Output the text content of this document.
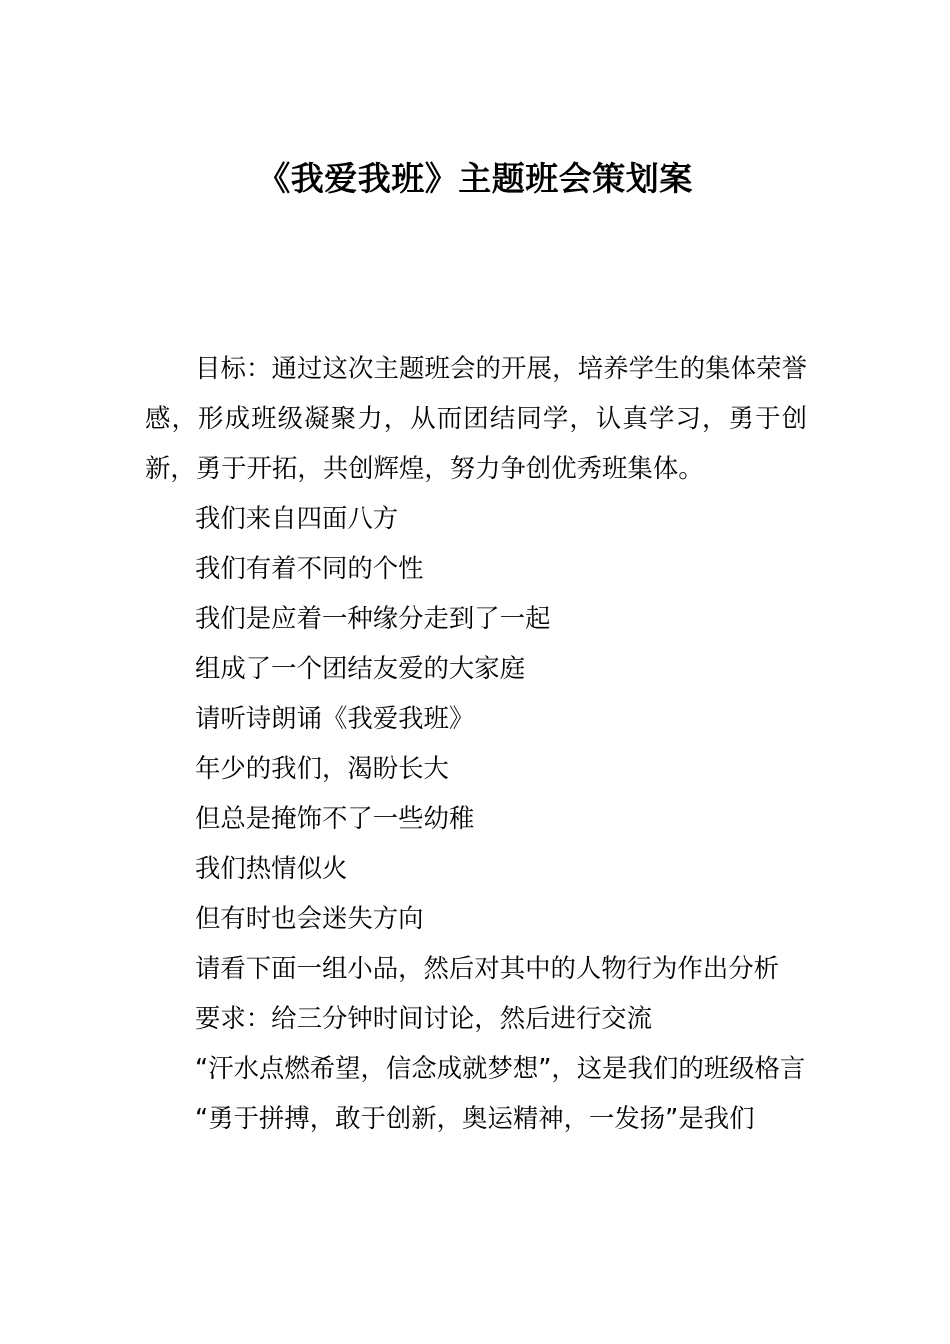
《我爱我班》主题班会策划案

目标：通过这次主题班会的开展，培养学生的集体荣誉感，形成班级凝聚力，从而团结同学，认真学习，勇于创新，勇于开拓，共创辉煌，努力争创优秀班集体。

我们来自四面八方

我们有着不同的个性

我们是应着一种缘分走到了一起

组成了一个团结友爱的大家庭

请听诗朗诵《我爱我班》

年少的我们，渴盼长大

但总是掩饰不了一些幼稚

我们热情似火

但有时也会迷失方向

请看下面一组小品，然后对其中的人物行为作出分析

要求：给三分钟时间讨论，然后进行交流

“汗水点燃希望，信念成就梦想”，这是我们的班级格言

“勇于拼搏，敢于创新，奥运精神，一发扬”是我们
